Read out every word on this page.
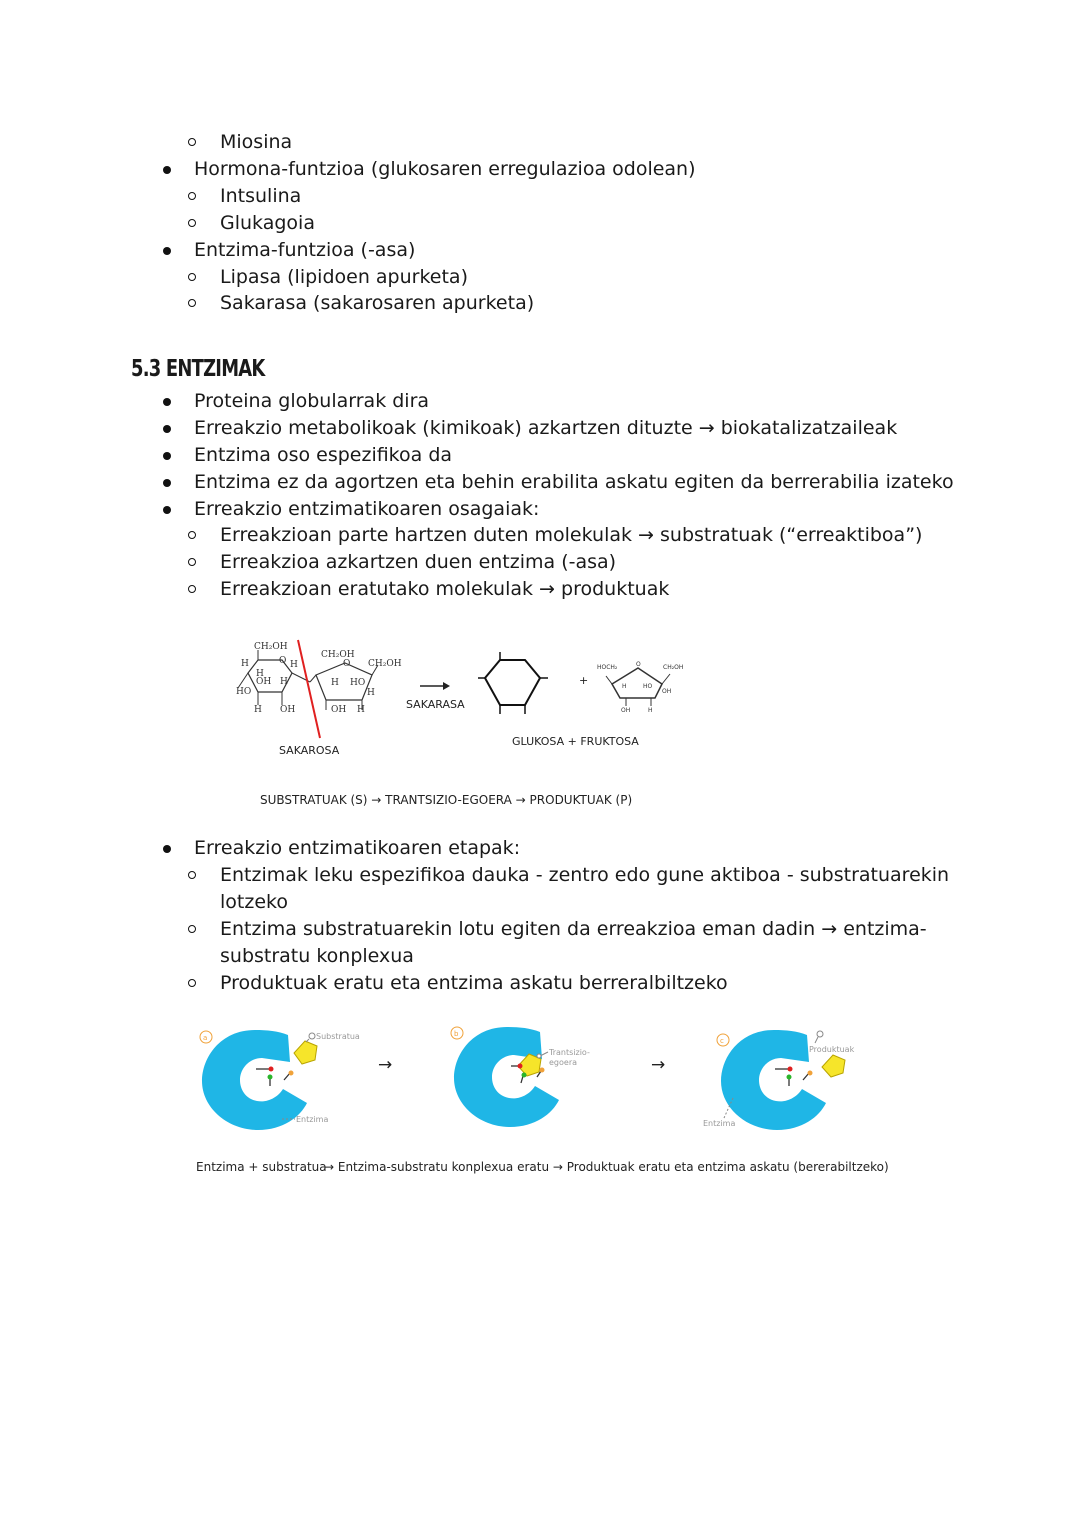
Miosina
Hormona-funtzioa (glukosaren erregulazioa odolean)
Intsulina
Glukagoia
Entzima-funtzioa (-asa)
Lipasa (lipidoen apurketa)
Sakarasa (sakarosaren apurketa)
5.3 ENTZIMAK
Proteina globularrak dira
Erreakzio metabolikoak (kimikoak) azkartzen dituzte → biokatalizatzaileak
Entzima oso espezifikoa da
Entzima ez da agortzen eta behin erabilita askatu egiten da berrerabilia izateko
Erreakzio entzimatikoaren osagaiak:
Erreakzioan parte hartzen duten molekulak → substratuak (“erreaktiboa”)
Erreakzioa azkartzen duen entzima (-asa)
Erreakzioan eratutako molekulak → produktuak
CH₂OH
O H
H
H
OH H
HO
H OH
CH₂OH
O CH₂OH
H HO
H
OH H
+
HOCH₂	O	CH₂OH
H	HO
OH
OH	H
SAKARASA
SAKAROSA
GLUKOSA + FRUKTOSA
SUBSTRATUAK (S) → TRANTSIZIO-EGOERA → PRODUKTUAK (P)
Erreakzio entzimatikoaren etapak:
Entzimak leku espezifikoa dauka - zentro edo gune aktiboa - substratuarekin
lotzeko
Entzima substratuarekin lotu egiten da erreakzioa eman dadin → entzima-
substratu konplexua
Produktuak eratu eta entzima askatu berreralbiltzeko
a	Substratua
Entzima
→
b
Trantsizio-
egoera	→
c
Produktuak
Entzima
Entzima + substratua
→ Entzima-substratu konplexua eratu → Produktuak eratu eta entzima askatu (bererabiltzeko)
